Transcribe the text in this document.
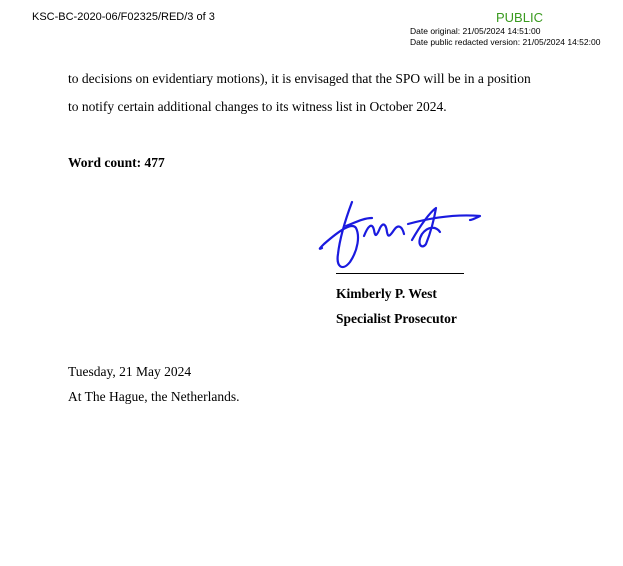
KSC-BC-2020-06/F02325/RED/3 of 3	PUBLIC
Date original: 21/05/2024 14:51:00
Date public redacted version: 21/05/2024 14:52:00
to decisions on evidentiary motions), it is envisaged that the SPO will be in a position
to notify certain additional changes to its witness list in October 2024.
Word count: 477
Kimberly P. West
Specialist Prosecutor
Tuesday, 21 May 2024
At The Hague, the Netherlands.
